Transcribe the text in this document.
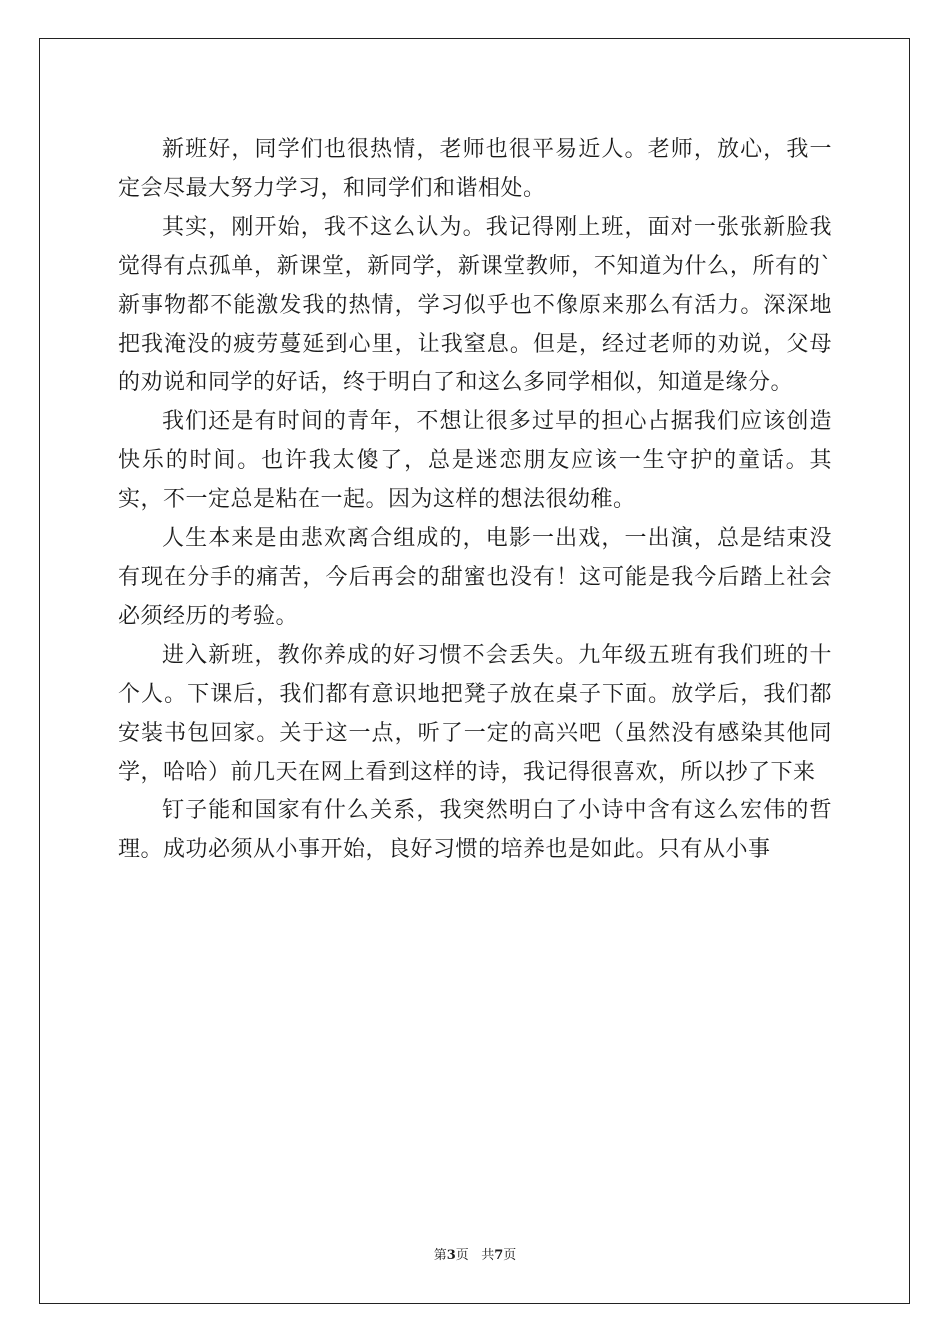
新班好，同学们也很热情，老师也很平易近人。老师，放心，我一定会尽最大努力学习，和同学们和谐相处。

其实，刚开始，我不这么认为。我记得刚上班，面对一张张新脸我觉得有点孤单，新课堂，新同学，新课堂教师，不知道为什么，所有的`新事物都不能激发我的热情，学习似乎也不像原来那么有活力。深深地把我淹没的疲劳蔓延到心里，让我窒息。但是，经过老师的劝说，父母的劝说和同学的好话，终于明白了和这么多同学相似，知道是缘分。

我们还是有时间的青年，不想让很多过早的担心占据我们应该创造快乐的时间。也许我太傻了，总是迷恋朋友应该一生守护的童话。其实，不一定总是粘在一起。因为这样的想法很幼稚。

人生本来是由悲欢离合组成的，电影一出戏，一出演，总是结束没有现在分手的痛苦，今后再会的甜蜜也没有！这可能是我今后踏上社会必须经历的考验。

进入新班，教你养成的好习惯不会丢失。九年级五班有我们班的十个人。下课后，我们都有意识地把凳子放在桌子下面。放学后，我们都安装书包回家。关于这一点，听了一定的高兴吧（虽然没有感染其他同学，哈哈）前几天在网上看到这样的诗，我记得很喜欢，所以抄了下来

钉子能和国家有什么关系，我突然明白了小诗中含有这么宏伟的哲理。成功必须从小事开始，良好习惯的培养也是如此。只有从小事

第3页 共7页
